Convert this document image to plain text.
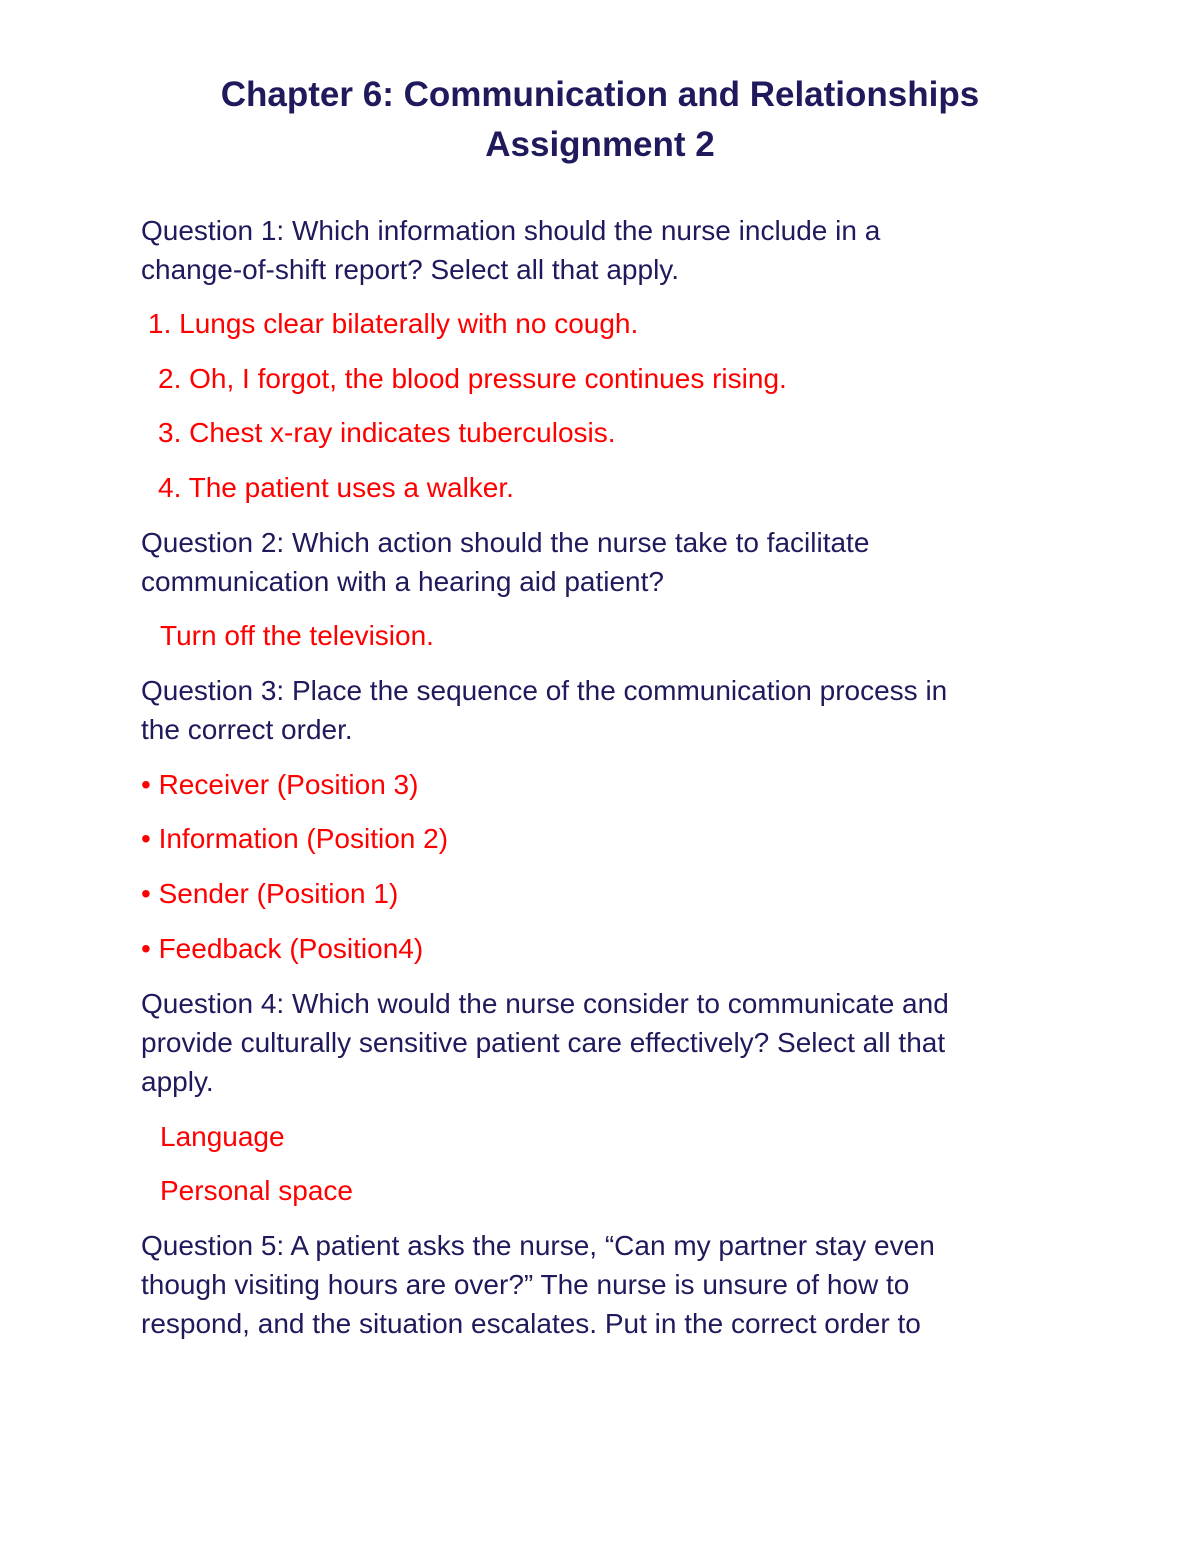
Chapter 6: Communication and Relationships
Assignment 2
Question 1: Which information should the nurse include in a
change-of-shift report? Select all that apply.
1. Lungs clear bilaterally with no cough.
2. Oh, I forgot, the blood pressure continues rising.
3. Chest x-ray indicates tuberculosis.
4. The patient uses a walker.
Question 2: Which action should the nurse take to facilitate
communication with a hearing aid patient?
Turn off the television.
Question 3: Place the sequence of the communication process in
the correct order.
• Receiver (Position 3)
• Information (Position 2)
• Sender (Position 1)
• Feedback (Position4)
Question 4: Which would the nurse consider to communicate and
provide culturally sensitive patient care effectively? Select all that
apply.
Language
Personal space
Question 5: A patient asks the nurse, “Can my partner stay even
though visiting hours are over?” The nurse is unsure of how to
respond, and the situation escalates. Put in the correct order to
